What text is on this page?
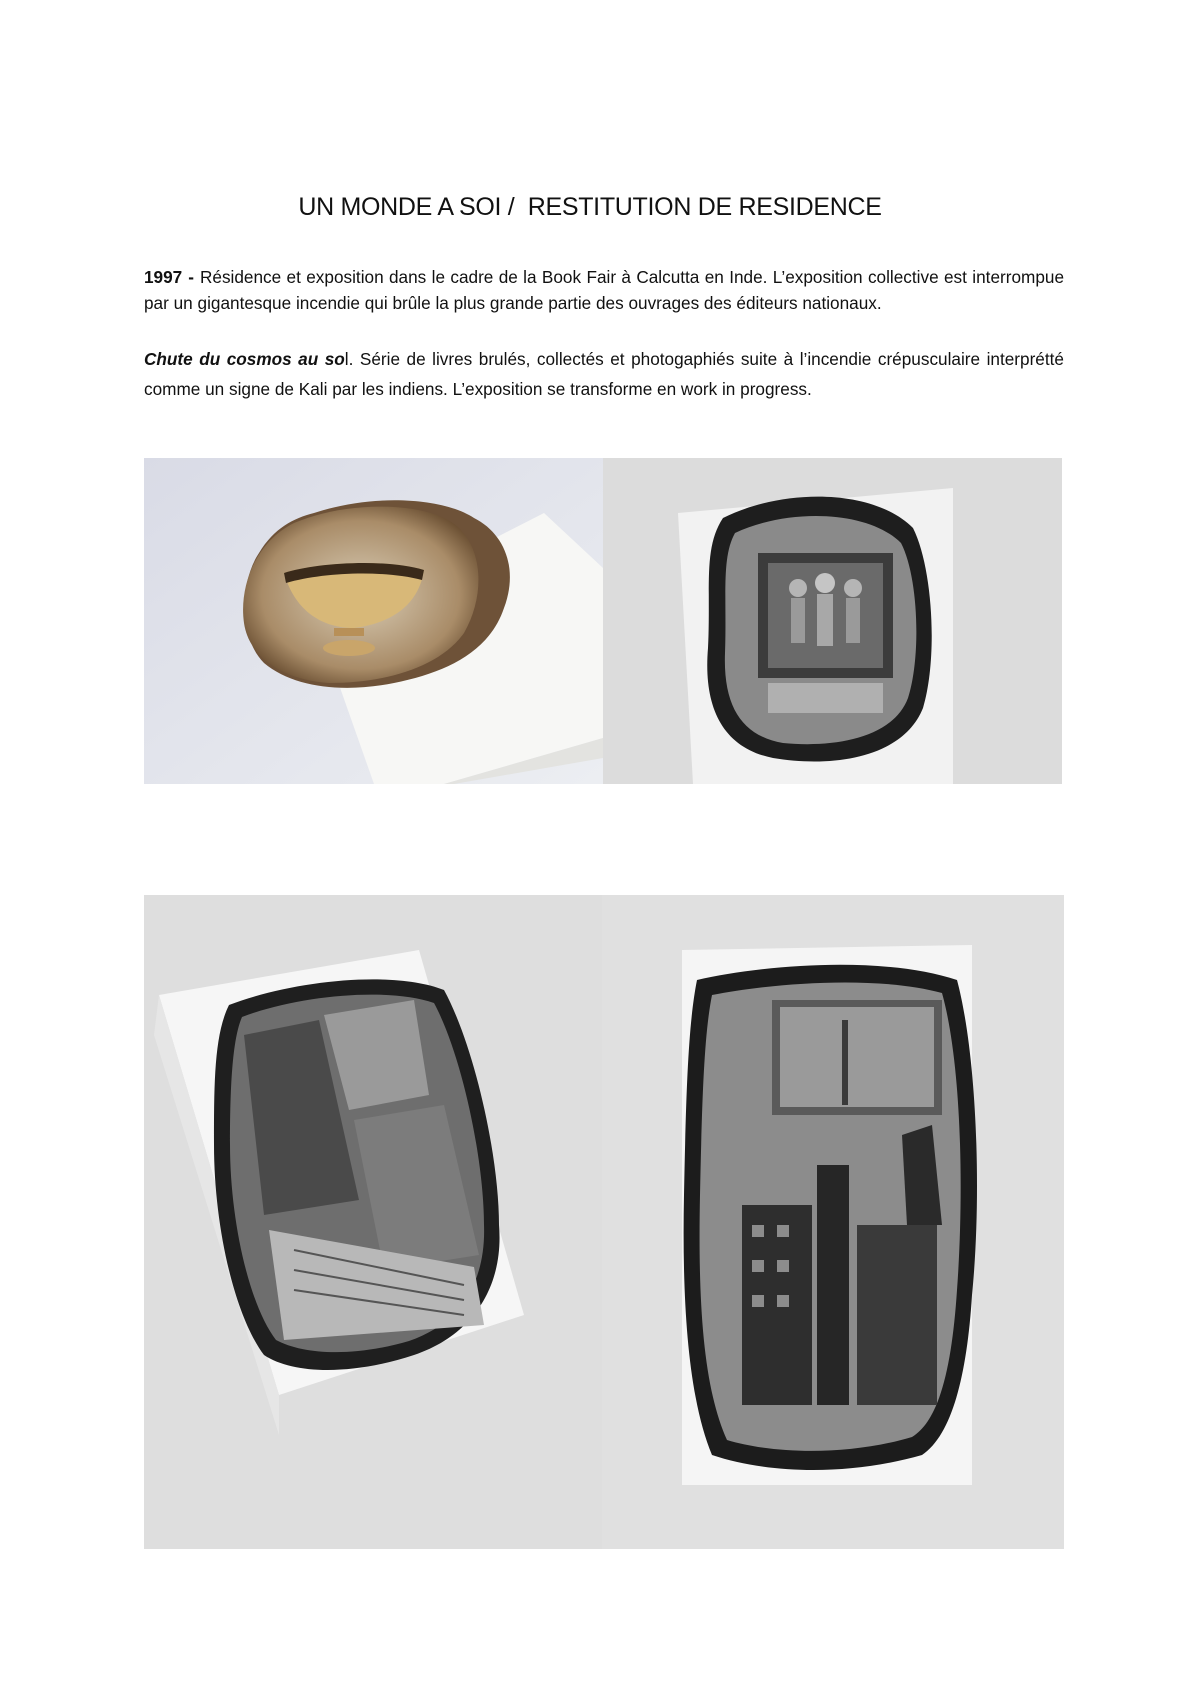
UN MONDE A SOI /  RESTITUTION DE RESIDENCE

1997 - Résidence et exposition dans le cadre de la Book Fair à Calcutta en Inde. L’exposition collective est interrompue par un gigantesque incendie qui brûle la plus grande partie des ouvrages des éditeurs nationaux.

Chute du cosmos au sol. Série de livres brulés, collectés et photogaphiés suite à l’incendie crépusculaire interprétté comme un signe de Kali par les indiens. L’exposition se transforme en work in progress.
